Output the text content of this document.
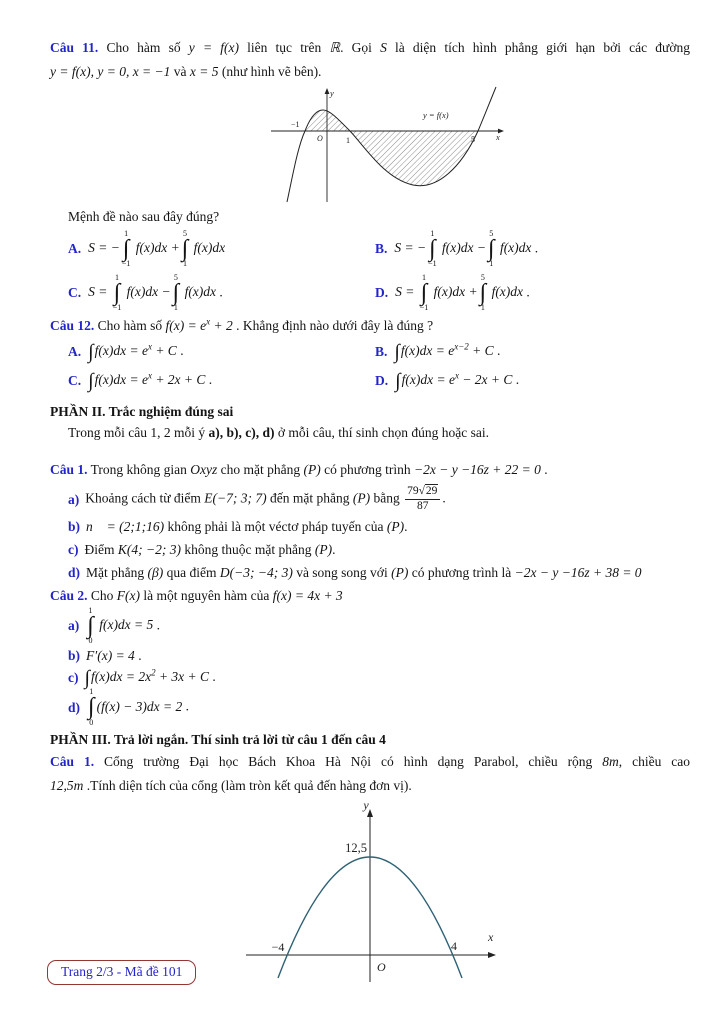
Câu 11. Cho hàm số y = f(x) liên tục trên ℝ. Gọi S là diện tích hình phẳng giới hạn bởi các đường
y = f(x), y = 0, x = −1 và x = 5 (như hình vẽ bên).
y
x
O
−1
1	5
y = f(x)
Mệnh đề nào sau đây đúng?
A. S = −
1
∫
−1
f(x)dx +
5
∫
1
f(x)dx	B. S = −
1
∫
−1
f(x)dx −
5
∫
1
f(x)dx .
C. S =
1
∫
−1
f(x)dx −
5
∫
1
f(x)dx .	D. S =
1
∫
−1
f(x)dx +
5
∫
1
f(x)dx .
Câu 12. Cho hàm số $f(x) = e^x + 2$ . Khẳng định nào dưới đây là đúng ?
A. $\int f(x)dx = e^x + C$ .	B. $\int f(x)dx = e^{x-2} + C$ .
C. $\int f(x)dx = e^x + 2x + C$ .	D. $\int f(x)dx = e^x - 2x + C$ .
PHẦN II. Trắc nghiệm đúng sai
Trong mỗi câu 1, 2 mỗi ý a), b), c), d) ở mỗi câu, thí sinh chọn đúng hoặc sai.
Câu 1. Trong không gian Oxyz cho mặt phẳng (P) có phương trình −2x − y −16z + 22 = 0 .
a) Khoảng cách từ điểm E(−7; 3; 7) đến mặt phẳng (P) bằng $\frac{79√29}{87}$ .
b) n⃗ = (2;1;16) không phải là một véctơ pháp tuyến của (P).
c) Điểm K(4; −2; 3) không thuộc mặt phẳng (P).
d) Mặt phẳng (β) qua điểm D(−3; −4; 3) và song song với (P) có phương trình là −2x − y −16z + 38 = 0
Câu 2. Cho F(x) là một nguyên hàm của f(x) = 4x + 3
a)
1
∫
0
f(x)dx = 5 .
b) F′(x) = 4 .
c) $\int f(x)dx = 2x^2 + 3x + C$ .
d)
1
∫
0
(f(x) − 3)dx = 2 .
PHẦN III. Trả lời ngắn. Thí sinh trả lời từ câu 1 đến câu 4
Câu 1. Cổng trường Đại học Bách Khoa Hà Nội có hình dạng Parabol, chiều rộng 8m, chiều cao
12,5m .Tính diện tích của cổng (làm tròn kết quả đến hàng đơn vị).
y
x
O
12,5
−4	4
Trang 2/3 - Mã đề 101
